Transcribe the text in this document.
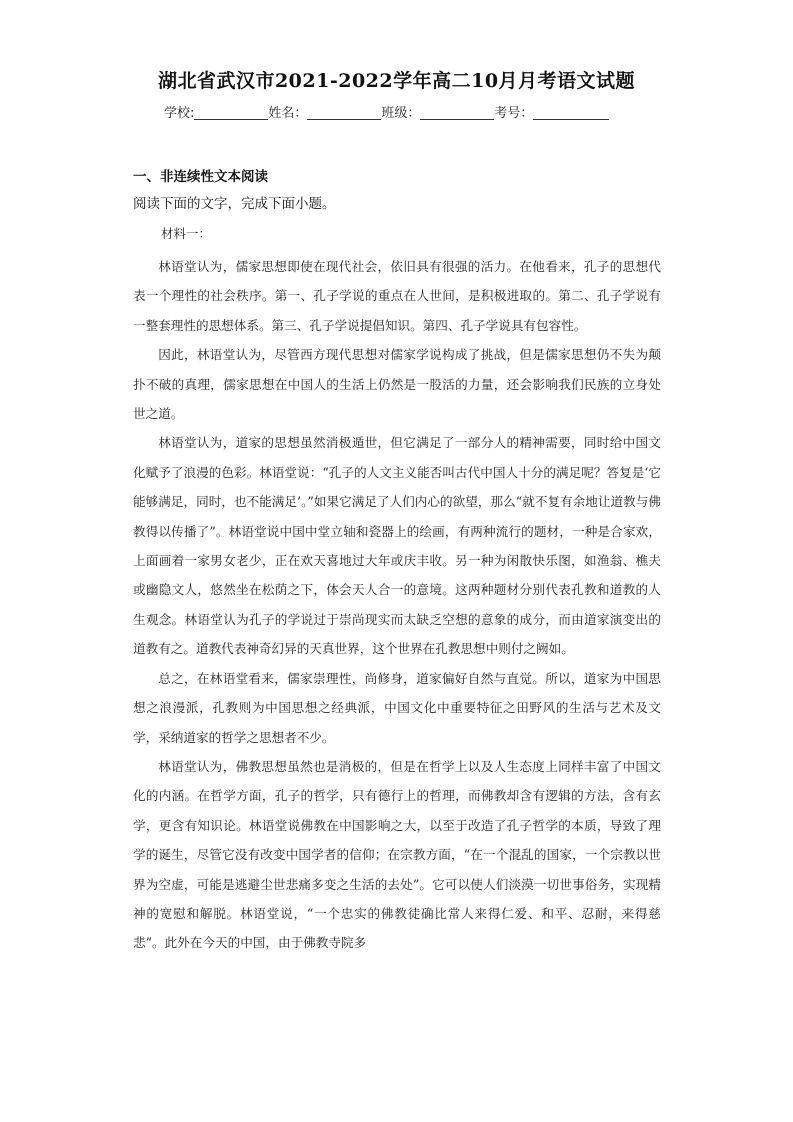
湖北省武汉市2021-2022学年高二10月月考语文试题
学校:	姓名：	班级：	考号：
一、非连续性文本阅读
阅读下面的文字，完成下面小题。
材料一：

林语堂认为，儒家思想即使在现代社会，依旧具有很强的活力。在他看来，孔子的思想代表一个理性的社会秩序。第一、孔子学说的重点在人世间，是积极进取的。第二、孔子学说有一整套理性的思想体系。第三、孔子学说提倡知识。第四、孔子学说具有包容性。

因此，林语堂认为，尽管西方现代思想对儒家学说构成了挑战，但是儒家思想仍不失为颠扑不破的真理，儒家思想在中国人的生活上仍然是一股活的力量，还会影响我们民族的立身处世之道。

林语堂认为，道家的思想虽然消极遁世，但它满足了一部分人的精神需要，同时给中国文化赋予了浪漫的色彩。林语堂说：“孔子的人文主义能否叫古代中国人十分的满足呢？答复是‘它能够满足，同时，也不能满足’。”如果它满足了人们内心的欲望，那么“就不复有余地让道教与佛教得以传播了”。林语堂说中国中堂立轴和瓷器上的绘画，有两种流行的题材，一种是合家欢，上面画着一家男女老少，正在欢天喜地过大年或庆丰收。另一种为闲散快乐图，如渔翁、樵夫或幽隐文人，悠然坐在松荫之下，体会天人合一的意境。这两种题材分别代表孔教和道教的人生观念。林语堂认为孔子的学说过于崇尚现实而太缺乏空想的意象的成分，而由道家演变出的道教有之。道教代表神奇幻异的天真世界，这个世界在孔教思想中则付之阙如。

总之，在林语堂看来，儒家崇理性，尚修身，道家偏好自然与直觉。所以，道家为中国思想之浪漫派，孔教则为中国思想之经典派，中国文化中重要特征之田野风的生活与艺术及文学，采纳道家的哲学之思想者不少。

林语堂认为，佛教思想虽然也是消极的，但是在哲学上以及人生态度上同样丰富了中国文化的内涵。在哲学方面，孔子的哲学，只有德行上的哲理，而佛教却含有逻辑的方法，含有玄学，更含有知识论。林语堂说佛教在中国影响之大，以至于改造了孔子哲学的本质，导致了理学的诞生，尽管它没有改变中国学者的信仰；在宗教方面，“在一个混乱的国家，一个宗教以世界为空虚，可能是逃避尘世悲痛多变之生活的去处”。它可以使人们淡漠一切世事俗务，实现精神的宽慰和解脱。林语堂说，“一个忠实的佛教徒确比常人来得仁爱、和平、忍耐，来得慈悲”。此外在今天的中国，由于佛教寺院多
